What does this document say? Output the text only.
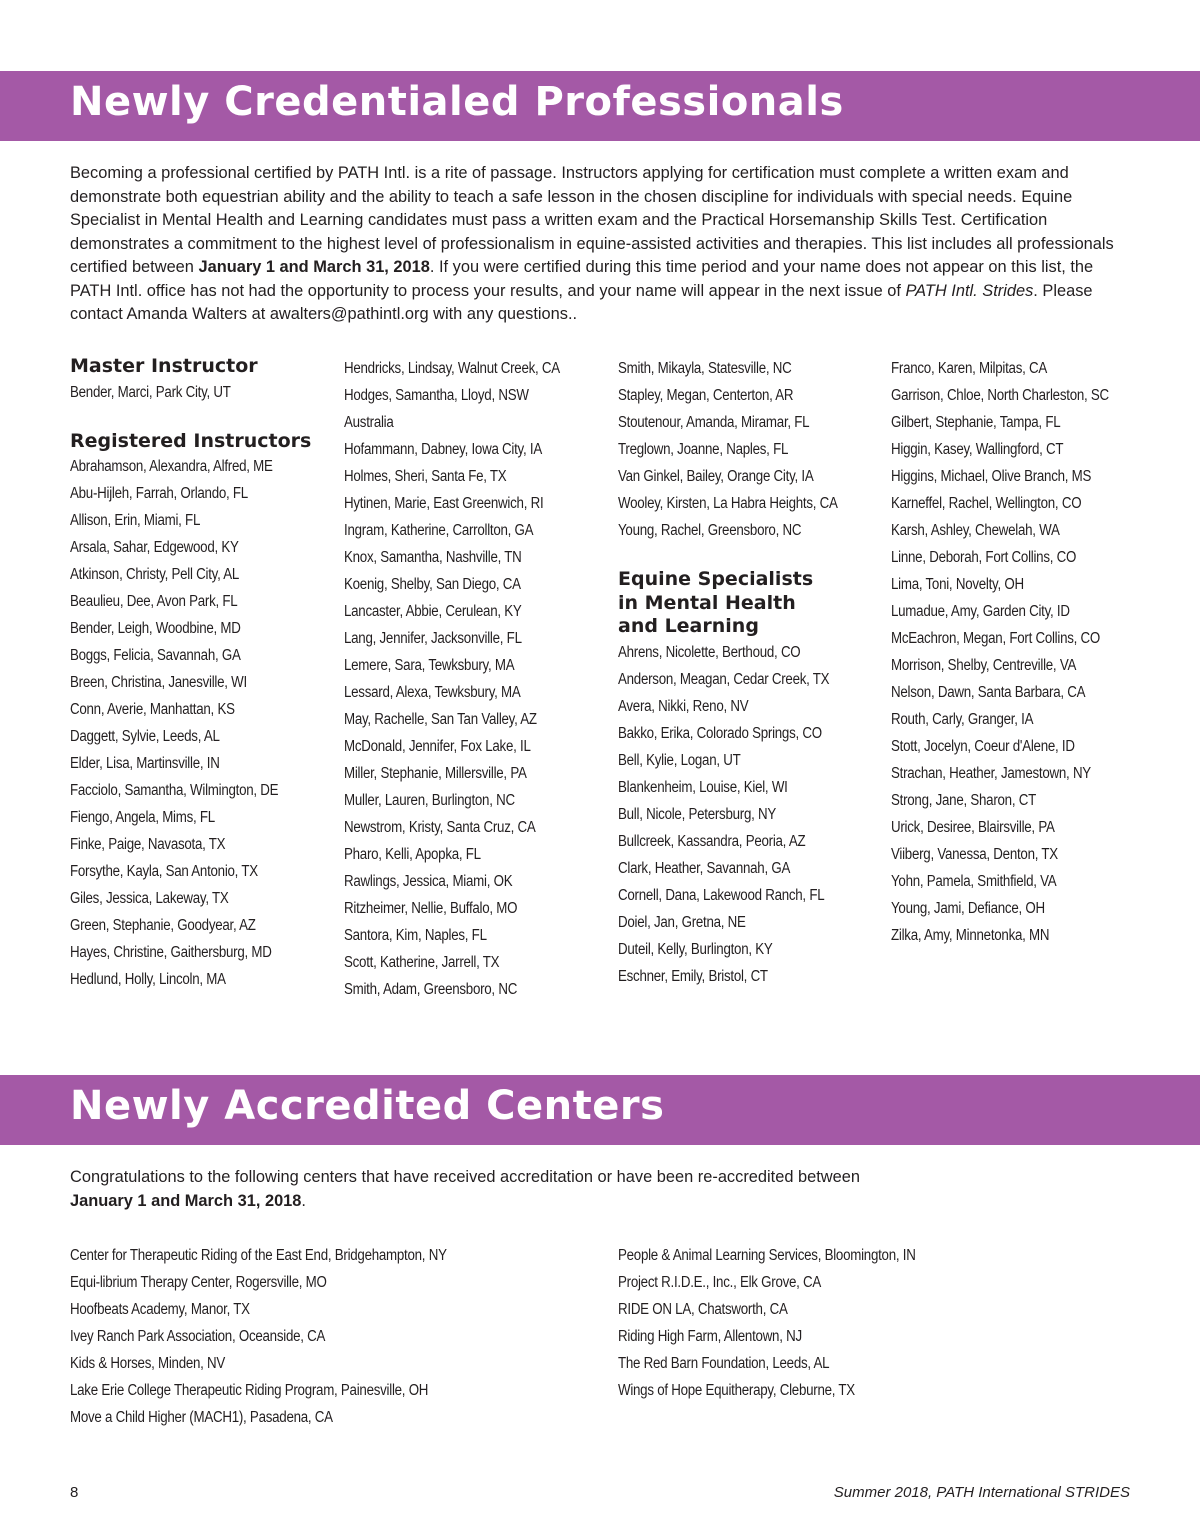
Newly Credentialed Professionals

Becoming a professional certified by PATH Intl. is a rite of passage. Instructors applying for certification must complete a written exam and demonstrate both equestrian ability and the ability to teach a safe lesson in the chosen discipline for individuals with special needs. Equine Specialist in Mental Health and Learning candidates must pass a written exam and the Practical Horsemanship Skills Test. Certification demonstrates a commitment to the highest level of professionalism in equine-assisted activities and therapies. This list includes all professionals certified between January 1 and March 31, 2018. If you were certified during this time period and your name does not appear on this list, the PATH Intl. office has not had the opportunity to process your results, and your name will appear in the next issue of PATH Intl. Strides. Please contact Amanda Walters at awalters@pathintl.org with any questions..

Master Instructor
Bender, Marci, Park City, UT
Registered Instructors
Abrahamson, Alexandra, Alfred, ME
Abu-Hijleh, Farrah, Orlando, FL
Allison, Erin, Miami, FL
Arsala, Sahar, Edgewood, KY
Atkinson, Christy, Pell City, AL
Beaulieu, Dee, Avon Park, FL
Bender, Leigh, Woodbine, MD
Boggs, Felicia, Savannah, GA
Breen, Christina, Janesville, WI
Conn, Averie, Manhattan, KS
Daggett, Sylvie, Leeds, AL
Elder, Lisa, Martinsville, IN
Facciolo, Samantha, Wilmington, DE
Fiengo, Angela, Mims, FL
Finke, Paige, Navasota, TX
Forsythe, Kayla, San Antonio, TX
Giles, Jessica, Lakeway, TX
Green, Stephanie, Goodyear, AZ
Hayes, Christine, Gaithersburg, MD
Hedlund, Holly, Lincoln, MA
Hendricks, Lindsay, Walnut Creek, CA
Hodges, Samantha, Lloyd, NSW
Australia
Hofammann, Dabney, Iowa City, IA
Holmes, Sheri, Santa Fe, TX
Hytinen, Marie, East Greenwich, RI
Ingram, Katherine, Carrollton, GA
Knox, Samantha, Nashville, TN
Koenig, Shelby, San Diego, CA
Lancaster, Abbie, Cerulean, KY
Lang, Jennifer, Jacksonville, FL
Lemere, Sara, Tewksbury, MA
Lessard, Alexa, Tewksbury, MA
May, Rachelle, San Tan Valley, AZ
McDonald, Jennifer, Fox Lake, IL
Miller, Stephanie, Millersville, PA
Muller, Lauren, Burlington, NC
Newstrom, Kristy, Santa Cruz, CA
Pharo, Kelli, Apopka, FL
Rawlings, Jessica, Miami, OK
Ritzheimer, Nellie, Buffalo, MO
Santora, Kim, Naples, FL
Scott, Katherine, Jarrell, TX
Smith, Adam, Greensboro, NC
Smith, Mikayla, Statesville, NC
Stapley, Megan, Centerton, AR
Stoutenour, Amanda, Miramar, FL
Treglown, Joanne, Naples, FL
Van Ginkel, Bailey, Orange City, IA
Wooley, Kirsten, La Habra Heights, CA
Young, Rachel, Greensboro, NC
Equine Specialists
in Mental Health
and Learning
Ahrens, Nicolette, Berthoud, CO
Anderson, Meagan, Cedar Creek, TX
Avera, Nikki, Reno, NV
Bakko, Erika, Colorado Springs, CO
Bell, Kylie, Logan, UT
Blankenheim, Louise, Kiel, WI
Bull, Nicole, Petersburg, NY
Bullcreek, Kassandra, Peoria, AZ
Clark, Heather, Savannah, GA
Cornell, Dana, Lakewood Ranch, FL
Doiel, Jan, Gretna, NE
Duteil, Kelly, Burlington, KY
Eschner, Emily, Bristol, CT
Franco, Karen, Milpitas, CA
Garrison, Chloe, North Charleston, SC
Gilbert, Stephanie, Tampa, FL
Higgin, Kasey, Wallingford, CT
Higgins, Michael, Olive Branch, MS
Karneffel, Rachel, Wellington, CO
Karsh, Ashley, Chewelah, WA
Linne, Deborah, Fort Collins, CO
Lima, Toni, Novelty, OH
Lumadue, Amy, Garden City, ID
McEachron, Megan, Fort Collins, CO
Morrison, Shelby, Centreville, VA
Nelson, Dawn, Santa Barbara, CA
Routh, Carly, Granger, IA
Stott, Jocelyn, Coeur d'Alene, ID
Strachan, Heather, Jamestown, NY
Strong, Jane, Sharon, CT
Urick, Desiree, Blairsville, PA
Viiberg, Vanessa, Denton, TX
Yohn, Pamela, Smithfield, VA
Young, Jami, Defiance, OH
Zilka, Amy, Minnetonka, MN
Newly Accredited Centers

Congratulations to the following centers that have received accreditation or have been re-accredited between
January 1 and March 31, 2018.

Center for Therapeutic Riding of the East End, Bridgehampton, NY
Equi-librium Therapy Center, Rogersville, MO
Hoofbeats Academy, Manor, TX
Ivey Ranch Park Association, Oceanside, CA
Kids & Horses, Minden, NV
Lake Erie College Therapeutic Riding Program, Painesville, OH
Move a Child Higher (MACH1), Pasadena, CA
People & Animal Learning Services, Bloomington, IN
Project R.I.D.E., Inc., Elk Grove, CA
RIDE ON LA, Chatsworth, CA
Riding High Farm, Allentown, NJ
The Red Barn Foundation, Leeds, AL
Wings of Hope Equitherapy, Cleburne, TX

8	Summer 2018, PATH International STRIDES
